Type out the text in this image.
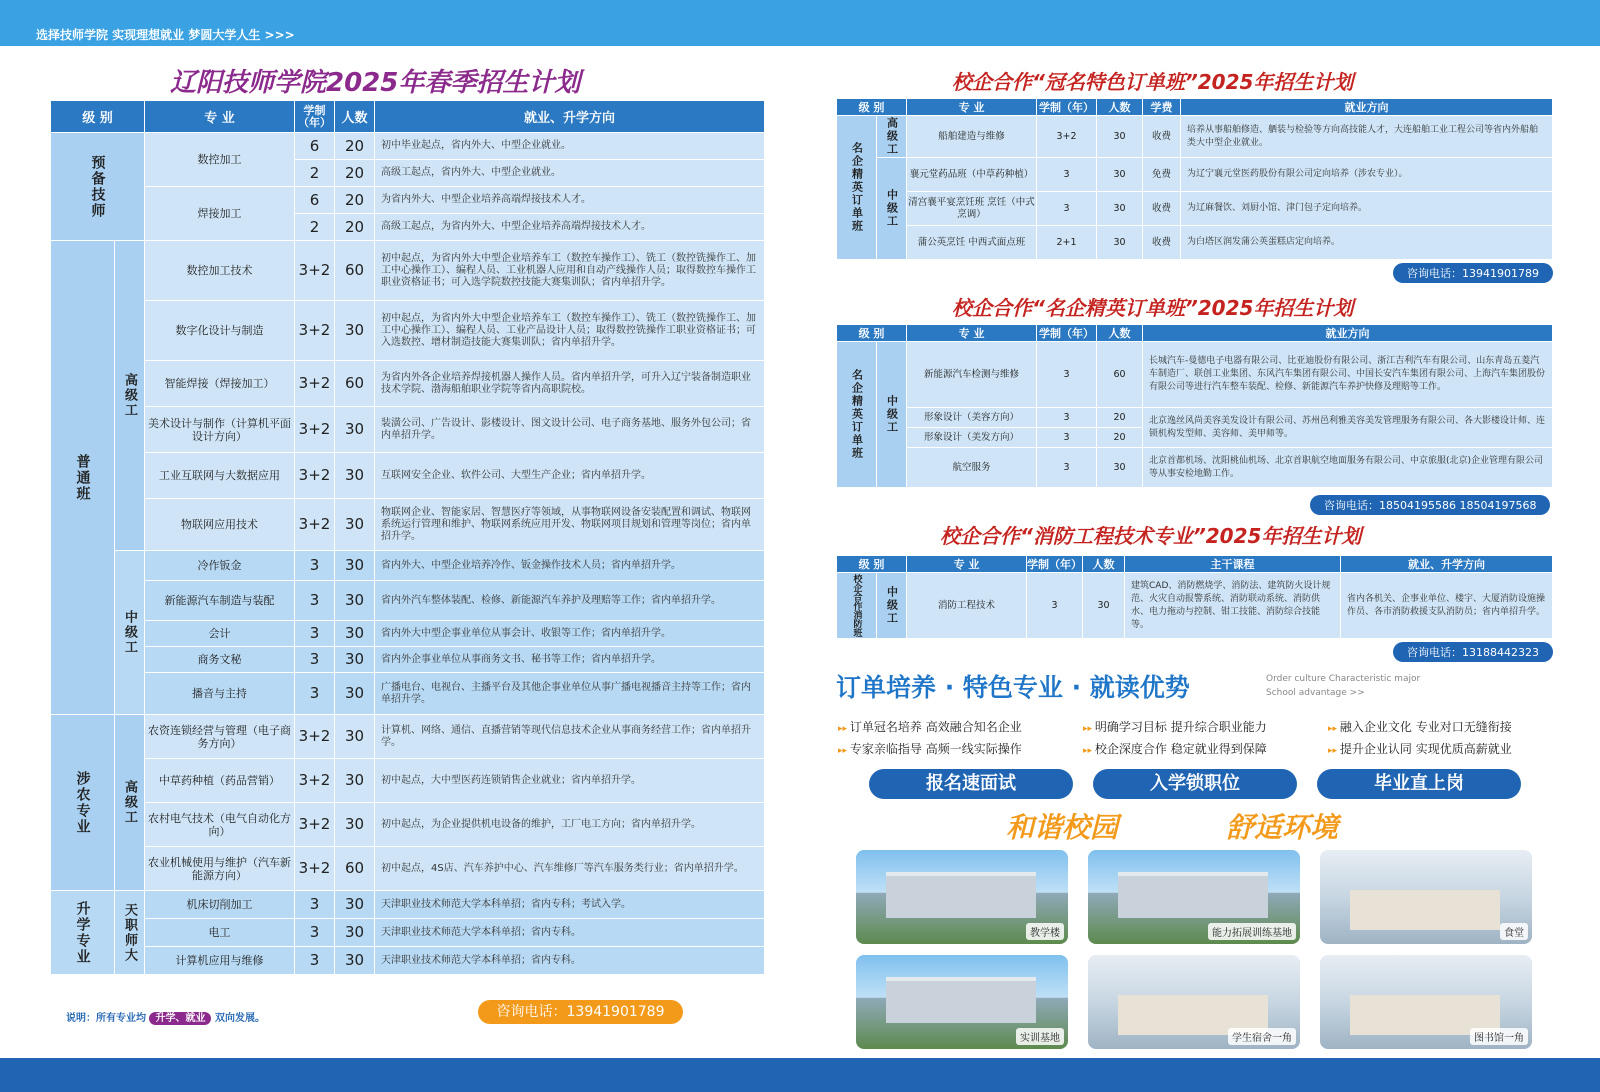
选择技师学院 实现理想就业 梦圆大学人生 >>>
辽阳技师学院2025年春季招生计划
级 别		专 业	学制（年）	人数	就业、升学方向

预备技师		数控加工	6	20	初中毕业起点，省内外大、中型企业就业。
			2	20	高级工起点，省内外大、中型企业就业。
		焊接加工	6	20	为省内外大、中型企业培养高端焊接技术人才。
			2	20	高级工起点，为省内外大、中型企业培养高端焊接技术人才。

普通班	高级工	数控加工技术	3+2	60	初中起点，为省内外大中型企业培养车工（数控车操作工）、铣工（数控铣操作工、加工中心操作工）、编程人员、工业机器人应用和自动产线操作人员；取得数控车操作工职业资格证书；可入选学院数控技能大赛集训队；省内单招升学。
		数字化设计与制造	3+2	30	初中起点，为省内外大中型企业培养车工（数控车操作工）、铣工（数控铣操作工、加工中心操作工）、编程人员、工业产品设计人员；取得数控铣操作工职业资格证书；可入选数控、增材制造技能大赛集训队；省内单招升学。
		智能焊接（焊接加工）	3+2	60	为省内外各企业培养焊接机器人操作人员。省内单招升学，可升入辽宁装备制造职业技术学院、渤海船舶职业学院等省内高职院校。
		美术设计与制作（计算机平面设计方向）	3+2	30	装潢公司、广告设计、影楼设计、图文设计公司、电子商务基地、服务外包公司；省内单招升学。
		工业互联网与大数据应用	3+2	30	互联网安全企业、软件公司、大型生产企业；省内单招升学。
		物联网应用技术	3+2	30	物联网企业、智能家居、智慧医疗等领域，从事物联网设备安装配置和调试、物联网系统运行管理和维护、物联网系统应用开发、物联网项目规划和管理等岗位；省内单招升学。

	中级工	冷作钣金	3	30	省内外大、中型企业培养冷作、钣金操作技术人员；省内单招升学。
		新能源汽车制造与装配	3	30	省内外汽车整体装配、检修、新能源汽车养护及理赔等工作；省内单招升学。
		会计	3	30	省内外大中型企事业单位从事会计、收银等工作；省内单招升学。
		商务文秘	3	30	省内外企事业单位从事商务文书、秘书等工作；省内单招升学。
		播音与主持	3	30	广播电台、电视台、主播平台及其他企事业单位从事广播电视播音主持等工作；省内单招升学。

涉农专业	高级工	农资连锁经营与管理（电子商务方向）	3+2	30	计算机、网络、通信、直播营销等现代信息技术企业从事商务经营工作；省内单招升学。
		中草药种植（药品营销）	3+2	30	初中起点，大中型医药连锁销售企业就业；省内单招升学。
		农村电气技术（电气自动化方向）	3+2	30	初中起点，为企业提供机电设备的维护，工厂电工方向；省内单招升学。
		农业机械使用与维护（汽车新能源方向）	3+2	60	初中起点，4S店、汽车养护中心、汽车维修厂等汽车服务类行业；省内单招升学。

升学专业	天职师大	机床切削加工	3	30	天津职业技术师范大学本科单招；省内专科；考试入学。
		电工	3	30	天津职业技术师范大学本科单招；省内专科。
		计算机应用与维修	3	30	天津职业技术师范大学本科单招；省内专科。
说明：所有专业均 升学、就业 双向发展。	咨询电话：13941901789
校企合作“冠名特色订单班”2025年招生计划
级 别		专 业	学制（年）	人数	学费	就业方向

名企精英订单班	高级工	船舶建造与维修	3+2	30	收费	培养从事船舶修造、舾装与检验等方向高技能人才，大连船舶工业工程公司等省内外船舶类大中型企业就业。

	中级工	襄元堂药品班（中草药种植）	3	30	免费	为辽宁襄元堂医药股份有限公司定向培养（涉农专业）。
		清宫襄平宴烹饪班 烹饪（中式烹调）	3	30	收费	为辽麻餐饮、刘厨小馆、津门包子定向培养。
		蒲公英烹饪 中西式面点班	2+1	30	收费	为白塔区润发蒲公英蛋糕店定向培养。
咨询电话：13941901789
校企合作“名企精英订单班”2025年招生计划
级 别		专 业	学制（年）	人数	就业方向

名企精英订单班	中级工	新能源汽车检测与维修	3	60	长城汽车-曼德电子电器有限公司、比亚迪股份有限公司、浙江吉利汽车有限公司、山东青岛五菱汽车制造厂、联创工业集团、东风汽车集团有限公司、中国长安汽车集团有限公司、上海汽车集团股份有限公司等进行汽车整车装配、检修、新能源汽车养护快修及理赔等工作。
		形象设计（美容方向）	3	20	北京逸丝风尚美容美发设计有限公司、苏州邑利雅美容美发管理服务有限公司、各大影楼设计师、连锁机构发型师、美容师、美甲师等。
		形象设计（美发方向）	3	20	
		航空服务	3	30	北京首都机场、沈阳桃仙机场、北京首职航空地面服务有限公司、中京旅服(北京)企业管理有限公司等从事安检地勤工作。
咨询电话：18504195586 18504197568
校企合作“消防工程技术专业”2025年招生计划
级 别		专 业	学制（年）	人数	主干课程	就业、升学方向

校企合作消防班	中级工	消防工程技术	3	30	建筑CAD、消防燃烧学、消防法、建筑防火设计规范、火灾自动报警系统、消防联动系统、消防供水、电力拖动与控制、钳工技能、消防综合技能等。	省内各机关、企事业单位、楼宇、大厦消防设施操作员、各市消防救援支队消防员；省内单招升学。
咨询电话：13188442323
订单培养 · 特色专业 · 就读优势	Order culture Characteristic major
School advantage >>
▸▸ 订单冠名培养 高效融合知名企业	▸▸ 明确学习目标 提升综合职业能力	▸▸ 融入企业文化 专业对口无缝衔接
▸▸ 专家亲临指导 高频一线实际操作	▸▸ 校企深度合作 稳定就业得到保障	▸▸ 提升企业认同 实现优质高薪就业
报名速面试	入学锁职位	毕业直上岗
和谐校园	舒适环境
教学楼	能力拓展训练基地	食堂
实训基地	学生宿舍一角	图书馆一角
